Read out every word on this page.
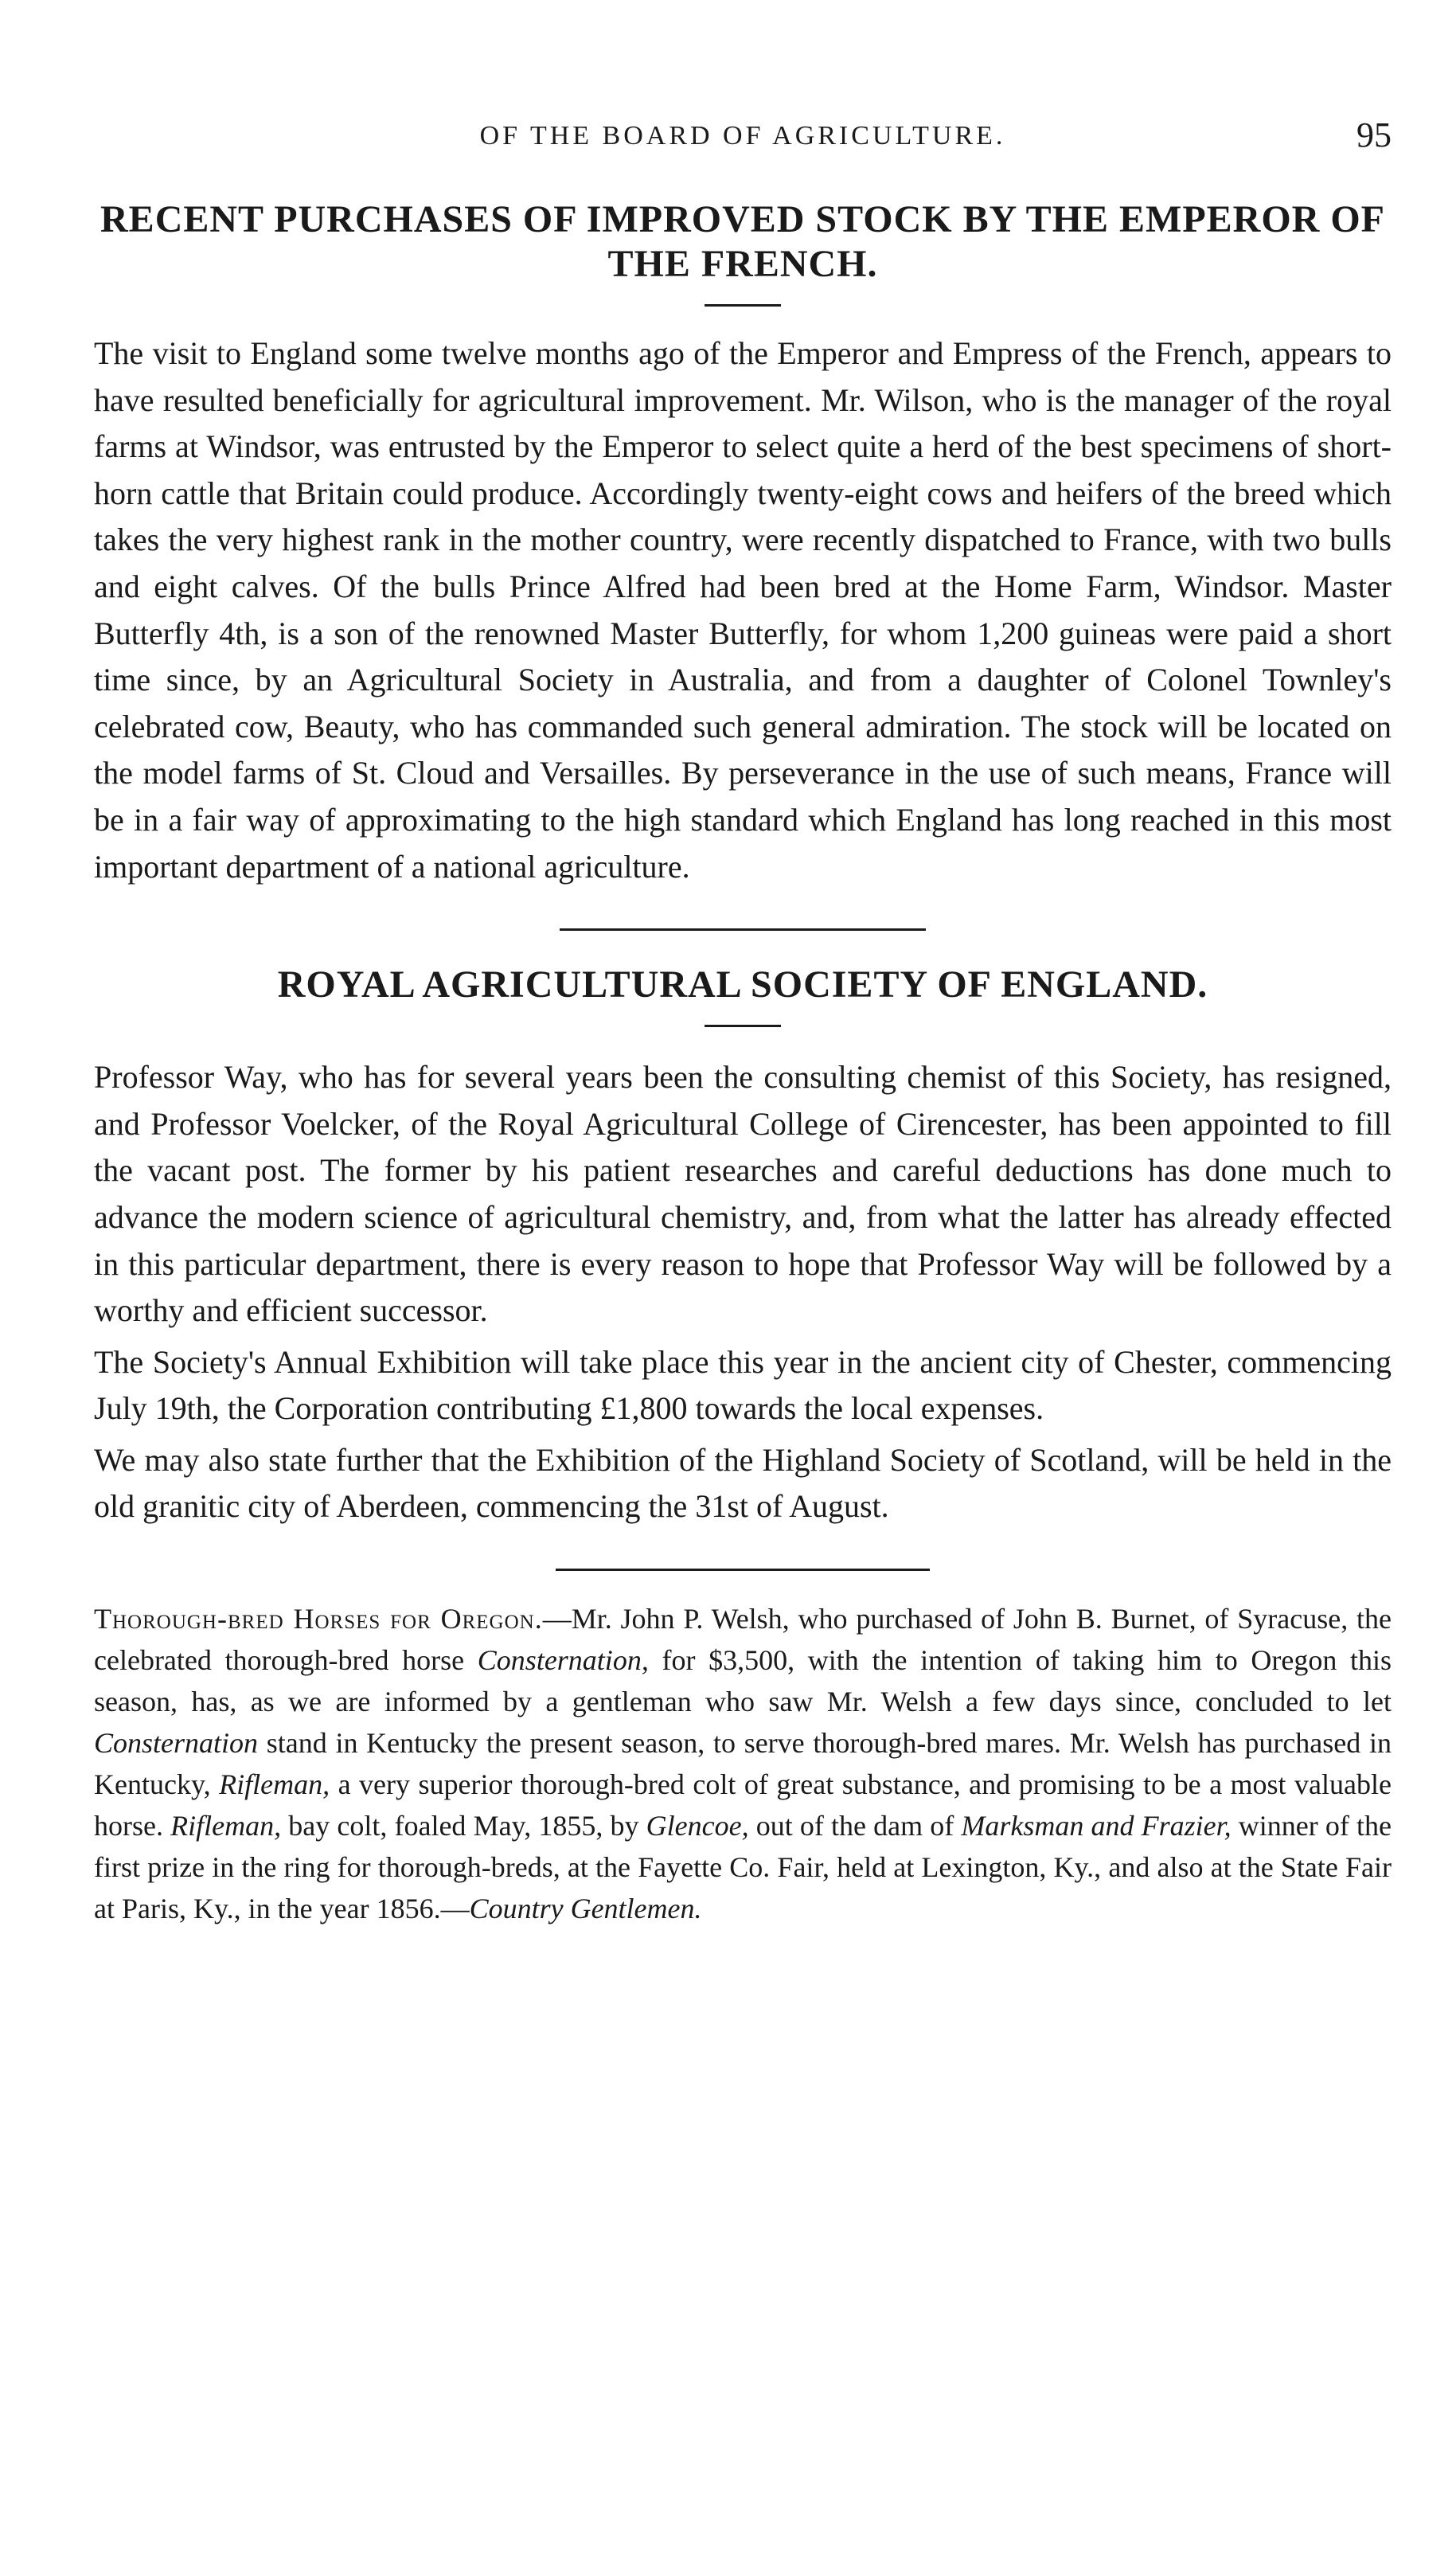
OF THE BOARD OF AGRICULTURE.	95
RECENT PURCHASES OF IMPROVED STOCK BY THE EMPEROR OF THE FRENCH.

The visit to England some twelve months ago of the Emperor and Empress of the French, appears to have resulted beneficially for agricultural improvement. Mr. Wilson, who is the manager of the royal farms at Windsor, was entrusted by the Emperor to select quite a herd of the best specimens of short-horn cattle that Britain could produce. Accordingly twenty-eight cows and heifers of the breed which takes the very highest rank in the mother country, were recently dispatched to France, with two bulls and eight calves. Of the bulls Prince Alfred had been bred at the Home Farm, Windsor. Master Butterfly 4th, is a son of the renowned Master Butterfly, for whom 1,200 guineas were paid a short time since, by an Agricultural Society in Australia, and from a daughter of Colonel Townley's celebrated cow, Beauty, who has commanded such general admiration. The stock will be located on the model farms of St. Cloud and Versailles. By perseverance in the use of such means, France will be in a fair way of approximating to the high standard which England has long reached in this most important department of a national agriculture.

ROYAL AGRICULTURAL SOCIETY OF ENGLAND.

Professor Way, who has for several years been the consulting chemist of this Society, has resigned, and Professor Voelcker, of the Royal Agricultural College of Cirencester, has been appointed to fill the vacant post. The former by his patient researches and careful deductions has done much to advance the modern science of agricultural chemistry, and, from what the latter has already effected in this particular department, there is every reason to hope that Professor Way will be followed by a worthy and efficient successor.

The Society's Annual Exhibition will take place this year in the ancient city of Chester, commencing July 19th, the Corporation contributing £1,800 towards the local expenses.

We may also state further that the Exhibition of the Highland Society of Scotland, will be held in the old granitic city of Aberdeen, commencing the 31st of August.

Thorough-bred Horses for Oregon.—Mr. John P. Welsh, who purchased of John B. Burnet, of Syracuse, the celebrated thorough-bred horse Consternation, for $3,500, with the intention of taking him to Oregon this season, has, as we are informed by a gentleman who saw Mr. Welsh a few days since, concluded to let Consternation stand in Kentucky the present season, to serve thorough-bred mares. Mr. Welsh has purchased in Kentucky, Rifleman, a very superior thorough-bred colt of great substance, and promising to be a most valuable horse. Rifleman, bay colt, foaled May, 1855, by Glencoe, out of the dam of Marksman and Frazier, winner of the first prize in the ring for thorough-breds, at the Fayette Co. Fair, held at Lexington, Ky., and also at the State Fair at Paris, Ky., in the year 1856.—Country Gentlemen.
